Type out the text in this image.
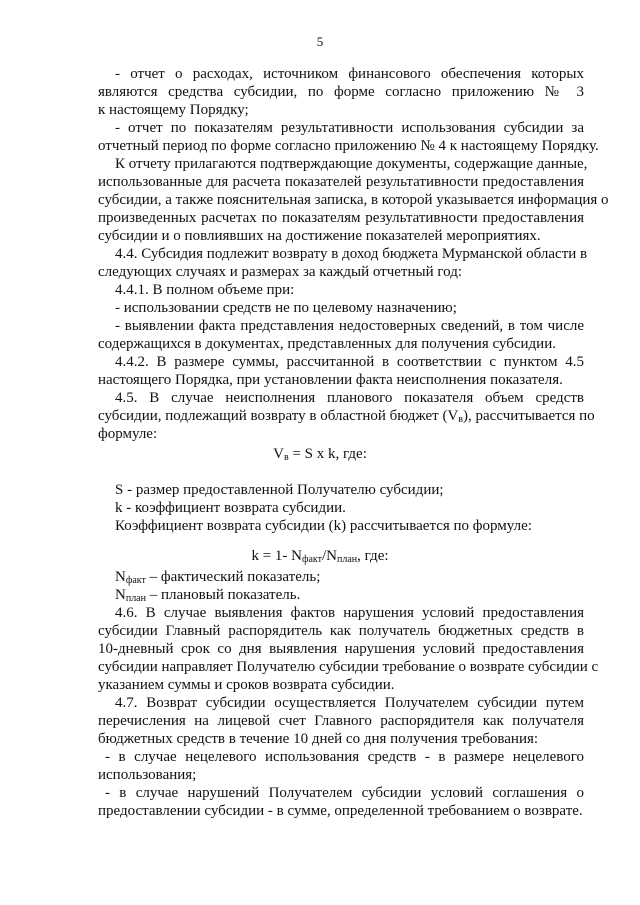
5
- отчет о расходах, источником финансового обеспечения которых
являются средства субсидии, по форме согласно приложению № 3
к настоящему Порядку;
- отчет по показателям результативности использования субсидии за
отчетный период по форме согласно приложению № 4 к настоящему Порядку.
К отчету прилагаются подтверждающие документы, содержащие данные,
использованные для расчета показателей результативности предоставления
субсидии, а также пояснительная записка, в которой указывается информация о
произведенных расчетах по показателям результативности предоставления
субсидии и о повлиявших на достижение показателей мероприятиях.
4.4. Субсидия подлежит возврату в доход бюджета Мурманской области в
следующих случаях и размерах за каждый отчетный год:
4.4.1. В полном объеме при:
- использовании средств не по целевому назначению;
- выявлении факта представления недостоверных сведений, в том числе
содержащихся в документах, представленных для получения субсидии.
4.4.2. В размере суммы, рассчитанной в соответствии с пунктом 4.5
настоящего Порядка, при установлении факта неисполнения показателя.
4.5. В случае неисполнения планового показателя объем средств
субсидии, подлежащий возврату в областной бюджет $(V_в)$, рассчитывается по
формуле:
$V_в = S$ x k, где:
S - размер предоставленной Получателю субсидии;
k - коэффициент возврата субсидии.
Коэффициент возврата субсидии (k) рассчитывается по формуле:
k = 1- $N_{факт}/N_{план}$, где:
$N_{факт}$ – фактический показатель;
$N_{план}$ – плановый показатель.
4.6. В случае выявления фактов нарушения условий предоставления
субсидии Главный распорядитель как получатель бюджетных средств в
10-дневный срок со дня выявления нарушения условий предоставления
субсидии направляет Получателю субсидии требование о возврате субсидии с
указанием суммы и сроков возврата субсидии.
4.7. Возврат субсидии осуществляется Получателем субсидии путем
перечисления на лицевой счет Главного распорядителя как получателя
бюджетных средств в течение 10 дней со дня получения требования:
- в случае нецелевого использования средств - в размере нецелевого
использования;
- в случае нарушений Получателем субсидии условий соглашения о
предоставлении субсидии - в сумме, определенной требованием о возврате.
